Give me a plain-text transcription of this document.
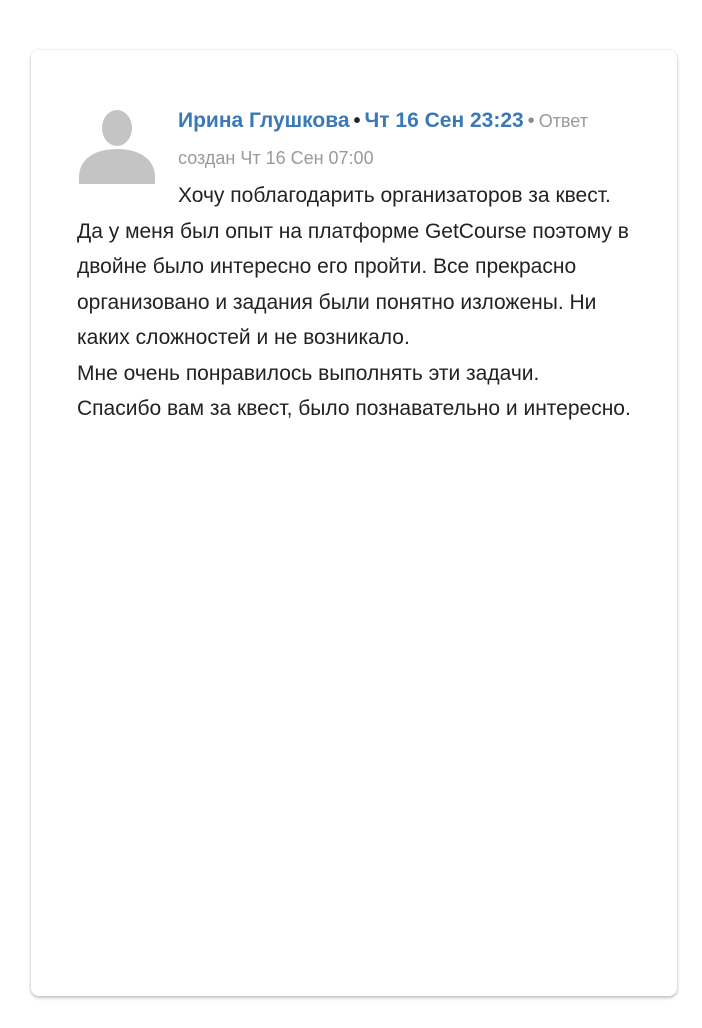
Ирина Глушкова • Чт 16 Сен 23:23 • Ответ
создан Чт 16 Сен 07:00
Хочу поблагодарить организаторов за квест.
Да у меня был опыт на платформе GetCourse поэтому в двойне было интересно его пройти. Все прекрасно организовано и задания были понятно изложены. Ни каких сложностей и не возникало.
Мне очень понравилось выполнять эти задачи.
Спасибо вам за квест, было познавательно и интересно.
